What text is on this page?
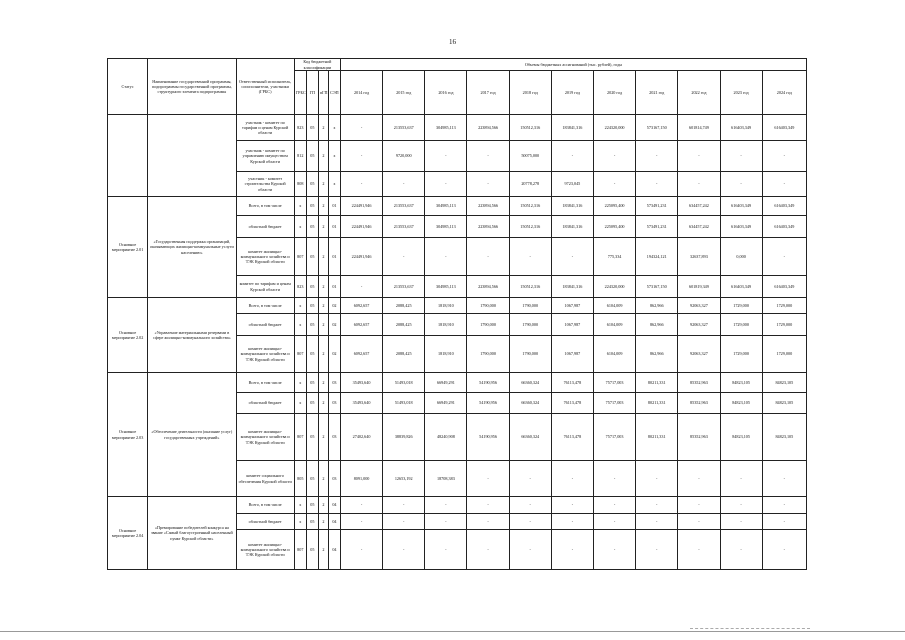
16
Статус	Наименование государственной программы, подпрограммы государственной программы, структурного элемента подпрограммы	Ответственный исполнитель, соисполнители, участники (ГРБС)	Код бюджетной классификации				Объемы бюджетных ассигнований (тыс. рублей), годы										
			ГРБС	ГП	пГП	СЭП	2014 год	2015 год	2016 год	2017 год	2018 год	2019 год	2020 год	2021 год	2022 год	2023 год	2024 год
		участник - комитет по тарифам и ценам Курской области	823	05	2	х	-	213553,637	304985,113	223894,566	150512,316	183841,316	224320,000	573167,150	601814,749	616403,349	616403,349
		участник - комитет по управлению имуществом Курской области	812	05	2	х	-	9720,000	-	-	50075,000	-	-	-	-	-	-
		участник - комитет строительства Курской области	808	05	2	х	-	-	-	-	20778,278	9723,045	-	-	-	-	-
Основное мероприятие 2.01	«Государственная поддержка организаций, оказывающих жилищно-коммунальные услуги населению»	Всего, в том числе	х	05	2	01	224491,946	213553,637	304985,113	223894,566	150512,316	183841,316	225095,400	573491,231	634457,242	616403,349	616403,349
		областной бюджет	х	05	2	01	224491,946	213553,637	304985,113	223894,566	150512,316	183841,316	225095,400	573491,231	634457,242	616403,349	616403,349
		комитет жилищно-коммунального хозяйства и ТЭК Курской области	807	05	2	01	224491,946	-	-	-	-	-	775,334	194324,121	32637,893	0,000	-
		комитет по тарифам и ценам Курской области	823	05	2	01	-	213553,637	304985,113	223894,566	150512,316	183841,316	224320,000	573167,150	601819,349	616403,349	616403,349
Основное мероприятие 2.02	«Управление материальными резервами в сфере жилищно-коммунального хозяйства»	Всего, в том числе	х	05	2	02	6092,657	2088,425	1818,910	1790,000	1790,000	1067,987	6104,009	862,966	92063,327	1729,000	1729,000
		областной бюджет	х	05	2	02	6092,657	2088,425	1818,910	1790,000	1790,000	1067,987	6104,009	862,966	92063,327	1729,000	1729,000
		комитет жилищно-коммунального хозяйства и ТЭК Курской области	807	05	2	02	6092,657	2088,425	1818,910	1790,000	1790,000	1067,987	6104,009	862,966	92063,327	1729,000	1729,000
Основное мероприятие 2.03	«Обеспечение деятельности (оказание услуг) государственных учреждений»	Всего, в том числе	х	05	2	03	35493,640	51493,018	66949,291	54190,956	66360,324	76113,478	75717,003	80211,331	85352,963	84823,105	84823,105
		областной бюджет	х	05	2	03	35493,640	51493,018	66949,291	54190,956	66360,324	76113,478	75717,003	80211,331	85352,963	84823,105	84823,105
		комитет жилищно-коммунального хозяйства и ТЭК Курской области	807	05	2	03	27402,640	38839,826	48240,908	54190,956	66360,324	76113,478	75717,003	80211,331	85352,963	84823,105	84823,105
		комитет социального обеспечения Курской области	805	05	2	03	8091,000	12653,192	18708,383	-	-	-	-	-	-	-	-
Основное мероприятие 2.04	«Премирование победителей конкурса на звание «Самый благоустроенный населенный пункт Курской области»	Всего, в том числе	х	05	2	04	-	-	-	-	-	-	-	-	-	-	-
		областной бюджет	х	05	2	04	-	-	-	-	-	-	-	-	-	-	-
		комитет жилищно-коммунального хозяйства и ТЭК Курской области	807	05	2	04	-	-	-	-	-	-	-	-	-	-	-
